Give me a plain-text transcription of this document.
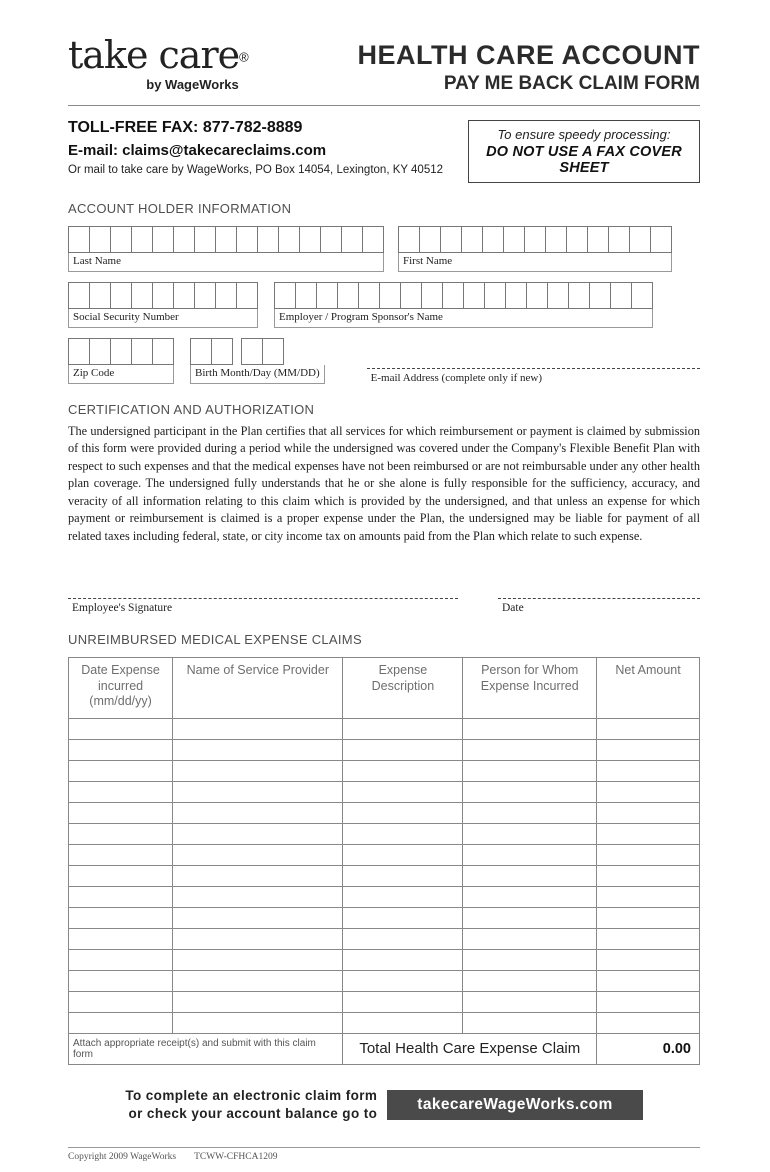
take care®
by WageWorks
HEALTH CARE ACCOUNT
PAY ME BACK CLAIM FORM
TOLL-FREE FAX: 877-782-8889
E-mail: claims@takecareclaims.com
Or mail to take care by WageWorks, PO Box 14054, Lexington, KY 40512
To ensure speedy processing:
DO NOT USE A FAX COVER SHEET
ACCOUNT HOLDER INFORMATION
Last Name	First Name
Social Security Number	Employer / Program Sponsor's Name
Zip Code	Birth Month/Day (MM/DD)	E-mail Address (complete only if new)
CERTIFICATION AND AUTHORIZATION
The undersigned participant in the Plan certifies that all services for which reimbursement or payment is claimed by submission of this form were provided during a period while the undersigned was covered under the Company's Flexible Benefit Plan with respect to such expenses and that the medical expenses have not been reimbursed or are not reimbursable under any other health plan coverage. The undersigned fully understands that he or she alone is fully responsible for the sufficiency, accuracy, and veracity of all information relating to this claim which is provided by the undersigned, and that unless an expense for which payment or reimbursement is claimed is a proper expense under the Plan, the undersigned may be liable for payment of all related taxes including federal, state, or city income tax on amounts paid from the Plan which relate to such expense.
Employee's Signature	Date
UNREIMBURSED MEDICAL EXPENSE CLAIMS
Date Expense incurred (mm/dd/yy)	Name of Service Provider	Expense Description	Person for Whom Expense Incurred	Net Amount

Attach appropriate receipt(s) and submit with this claim form		Total Health Care Expense Claim		0.00
To complete an electronic claim form
or check your account balance go to
takecareWageWorks.com
Copyright 2009 WageWorks TCWW-CFHCA1209
